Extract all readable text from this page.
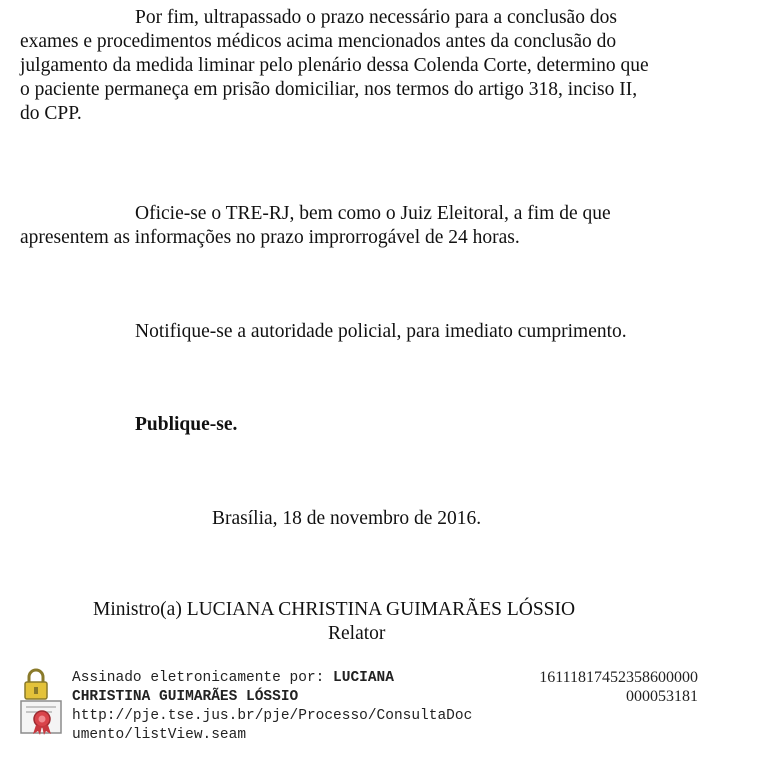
Por fim, ultrapassado o prazo necessário para a conclusão dos
exames e procedimentos médicos acima mencionados antes da conclusão do
julgamento da medida liminar pelo plenário dessa Colenda Corte, determino que
o paciente permaneça em prisão domiciliar, nos termos do artigo 318, inciso II,
do CPP.
Oficie-se o TRE-RJ, bem como o Juiz Eleitoral, a fim de que
apresentem as informações no prazo improrrogável de 24 horas.
Notifique-se a autoridade policial, para imediato cumprimento.
Publique-se.
Brasília, 18 de novembro de 2016.
Ministro(a) LUCIANA CHRISTINA GUIMARÃES LÓSSIO
Relator
Assinado eletronicamente por: LUCIANA
CHRISTINA GUIMARÃES LÓSSIO
http://pje.tse.jus.br/pje/Processo/ConsultaDoc
umento/listView.seam
16111817452358600000
000053181
